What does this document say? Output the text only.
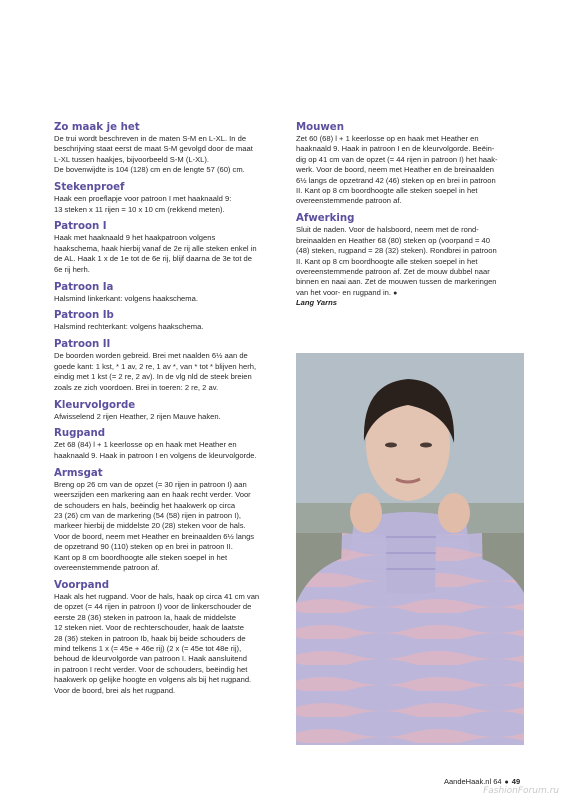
Zo maak je het

De trui wordt beschreven in de maten S-M en L-XL. In de
beschrijving staat eerst de maat S-M gevolgd door de maat
L-XL tussen haakjes, bijvoorbeeld S-M (L-XL).
De bovenwijdte is 104 (128) cm en de lengte 57 (60) cm.

Stekenproef

Haak een proeflapje voor patroon I met haaknaald 9:
13 steken x 11 rijen = 10 x 10 cm (rekkend meten).

Patroon I

Haak met haaknaald 9 het haakpatroon volgens
haakschema, haak hierbij vanaf de 2e rij alle steken enkel in
de AL. Haak 1 x de 1e tot de 6e rij, blijf daarna de 3e tot de
6e rij herh.

Patroon Ia

Halsmind linkerkant: volgens haakschema.

Patroon Ib

Halsmind rechterkant: volgens haakschema.

Patroon II

De boorden worden gebreid. Brei met naalden 6½ aan de
goede kant: 1 kst, * 1 av, 2 re, 1 av *, van * tot * blijven herh,
eindig met 1 kst (= 2 re, 2 av). In de vlg nld de steek breien
zoals ze zich voordoen. Brei in toeren: 2 re, 2 av.

Kleurvolgorde

Afwisselend 2 rijen Heather, 2 rijen Mauve haken.

Rugpand

Zet 68 (84) l + 1 keerlosse op en haak met Heather en
haaknaald 9. Haak in patroon I en volgens de kleurvolgorde.

Armsgat

Breng op 26 cm van de opzet (= 30 rijen in patroon I) aan
weerszijden een markering aan en haak recht verder. Voor
de schouders en hals, beëindig het haakwerk op circa
23 (26) cm van de markering (54 (58) rijen in patroon I),
markeer hierbij de middelste 20 (28) steken voor de hals.
Voor de boord, neem met Heather en breinaalden 6½ langs
de opzetrand 90 (110) steken op en brei in patroon II.
Kant op 8 cm boordhoogte alle steken soepel in het
overeenstemmende patroon af.

Voorpand

Haak als het rugpand. Voor de hals, haak op circa 41 cm van
de opzet (= 44 rijen in patroon I) voor de linkerschouder de
eerste 28 (36) steken in patroon Ia, haak de middelste
12 steken niet. Voor de rechterschouder, haak de laatste
28 (36) steken in patroon Ib, haak bij beide schouders de
mind telkens 1 x (= 45e + 46e rij) (2 x (= 45e tot 48e rij),
behoud de kleurvolgorde van patroon I. Haak aansluitend
in patroon I recht verder. Voor de schouders, beëindig het
haakwerk op gelijke hoogte en volgens als bij het rugpand.
Voor de boord, brei als het rugpand.

Mouwen

Zet 60 (68) l + 1 keerlosse op en haak met Heather en
haaknaald 9. Haak in patroon I en de kleurvolgorde. Beëin-
dig op 41 cm van de opzet (= 44 rijen in patroon I) het haak-
werk. Voor de boord, neem met Heather en de breinaalden
6½ langs de opzetrand 42 (46) steken op en brei in patroon
II. Kant op 8 cm boordhoogte alle steken soepel in het
overeenstemmende patroon af.

Afwerking

Sluit de naden. Voor de halsboord, neem met de rond-
breinaalden en Heather 68 (80) steken op (voorpand = 40
(48) steken, rugpand = 28 (32) steken). Rondbrei in patroon
II. Kant op 8 cm boordhoogte alle steken soepel in het
overeenstemmende patroon af. Zet de mouw dubbel naar
binnen en naai aan. Zet de mouwen tussen de markeringen
van het voor- en rugpand in. ●

Lang Yarns
AandeHaak.nl 64 ● 49
FashionForum.ru
